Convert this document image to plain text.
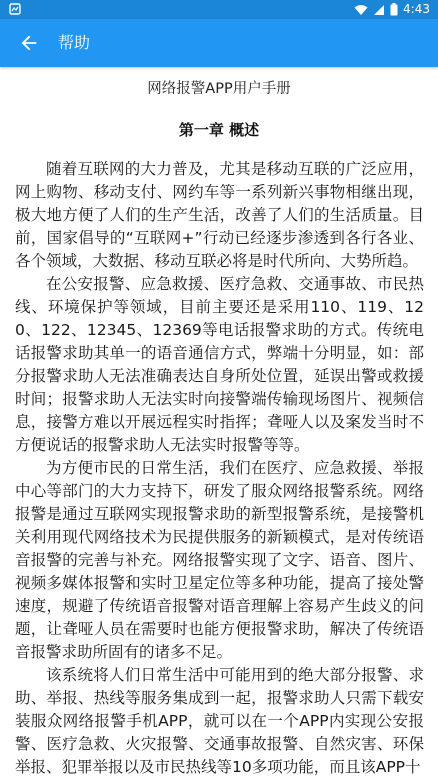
4:43
帮助
网络报警APP用户手册
第一章 概述

随着互联网的大力普及，尤其是移动互联的广泛应用，网上购物、移动支付、网约车等一系列新兴事物相继出现，极大地方便了人们的生产生活，改善了人们的生活质量。目前，国家倡导的“互联网+”行动已经逐步渗透到各行各业、各个领域，大数据、移动互联必将是时代所向、大势所趋。

在公安报警、应急救援、医疗急救、交通事故、市民热线、环境保护等领域，目前主要还是采用110、119、120、122、12345、12369等电话报警求助的方式。传统电话报警求助其单一的语音通信方式，弊端十分明显，如：部分报警求助人无法准确表达自身所处位置，延误出警或救援时间；报警求助人无法实时向接警端传输现场图片、视频信息，接警方难以开展远程实时指挥；聋哑人以及案发当时不方便说话的报警求助人无法实时报警等等。

为方便市民的日常生活，我们在医疗、应急救援、举报中心等部门的大力支持下，研发了服众网络报警系统。网络报警是通过互联网实现报警求助的新型报警系统，是接警机关利用现代网络技术为民提供服务的新颖模式，是对传统语音报警的完善与补充。网络报警实现了文字、语音、图片、视频多媒体报警和实时卫星定位等多种功能，提高了接处警速度，规避了传统语音报警对语音理解上容易产生歧义的问题，让聋哑人员在需要时也能方便报警求助，解决了传统语音报警求助所固有的诸多不足。

该系统将人们日常生活中可能用到的绝大部分报警、求助、举报、热线等服务集成到一起，报警求助人只需下载安装服众网络报警手机APP，就可以在一个APP内实现公安报警、医疗急救、火灾报警、交通事故报警、自然灾害、环保举报、犯罪举报以及市民热线等10多项功能，而且该APP十
